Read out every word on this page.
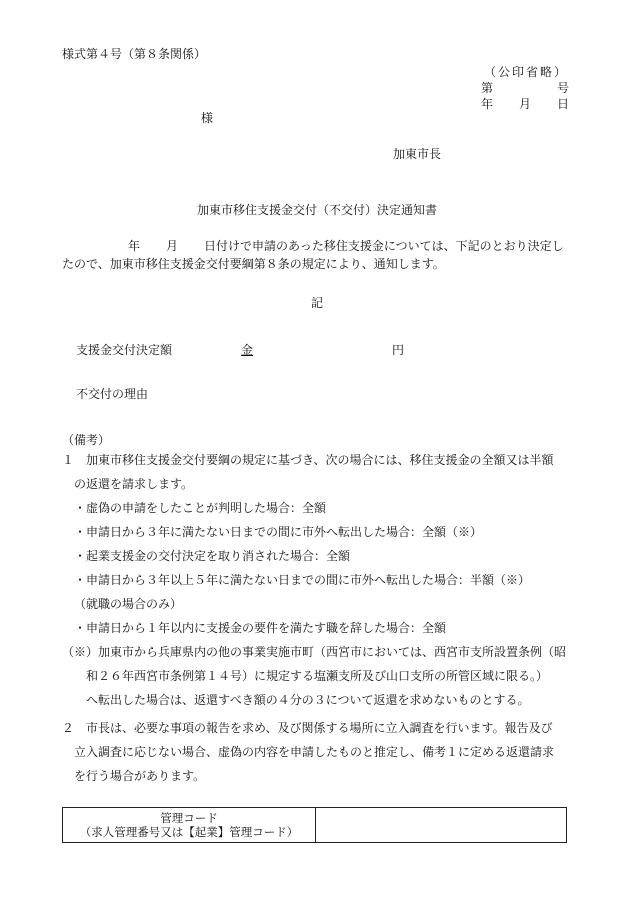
様式第４号（第８条関係）
（公印省略）
第	号
年 月 日
様
加東市長
加東市移住支援金交付（不交付）決定通知書
年 月 日付けで申請のあった移住支援金については、下記のとおり決定し
たので、加東市移住支援金交付要綱第８条の規定により、通知します。
記
支援金交付決定額	金	円
不交付の理由
（備考）
１　加東市移住支援金交付要綱の規定に基づき、次の場合には、移住支援金の全額又は半額
の返還を請求します。
・虚偽の申請をしたことが判明した場合：全額
・申請日から３年に満たない日までの間に市外へ転出した場合：全額（※）
・起業支援金の交付決定を取り消された場合：全額
・申請日から３年以上５年に満たない日までの間に市外へ転出した場合：半額（※）
（就職の場合のみ）
・申請日から１年以内に支援金の要件を満たす職を辞した場合：全額
（※）加東市から兵庫県内の他の事業実施市町（西宮市においては、西宮市支所設置条例（昭
和２６年西宮市条例第１４号）に規定する塩瀬支所及び山口支所の所管区域に限る。）
へ転出した場合は、返還すべき額の４分の３について返還を求めないものとする。
２　市長は、必要な事項の報告を求め、及び関係する場所に立入調査を行います。報告及び
立入調査に応じない場合、虚偽の内容を申請したものと推定し、備考１に定める返還請求
を行う場合があります。
管理コード
（求人管理番号又は【起業】管理コード）
